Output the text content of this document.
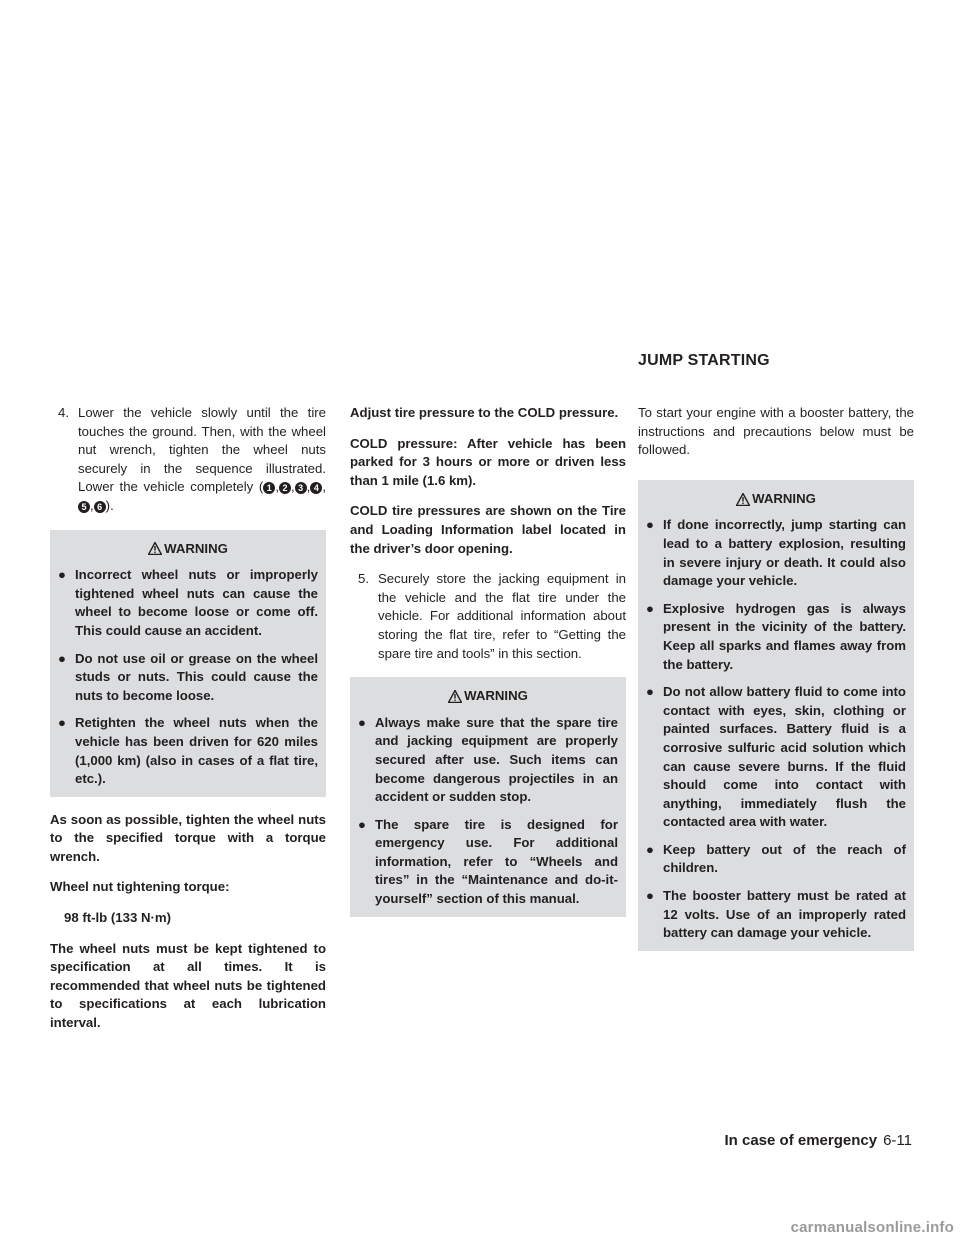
JUMP STARTING

4. Lower the vehicle slowly until the tire touches the ground. Then, with the wheel nut wrench, tighten the wheel nuts securely in the sequence illustrated. Lower the vehicle completely ( 1 , 2 , 3 , 4 ,5 , 6 ).

WARNING
● Incorrect wheel nuts or improperly tightened wheel nuts can cause the wheel to become loose or come off. This could cause an accident.
● Do not use oil or grease on the wheel studs or nuts. This could cause the nuts to become loose.
● Retighten the wheel nuts when the vehicle has been driven for 620 miles (1,000 km) (also in cases of a flat tire, etc.).

As soon as possible, tighten the wheel nuts to the specified torque with a torque wrench.

Wheel nut tightening torque:

98 ft-lb (133 N·m)

The wheel nuts must be kept tightened to specification at all times. It is recommended that wheel nuts be tightened to specifications at each lubrication interval.

Adjust tire pressure to the COLD pressure.

COLD pressure: After vehicle has been parked for 3 hours or more or driven less than 1 mile (1.6 km).

COLD tire pressures are shown on the Tire and Loading Information label located in the driver’s door opening.

5. Securely store the jacking equipment in the vehicle and the flat tire under the vehicle. For additional information about storing the flat tire, refer to “Getting the spare tire and tools” in this section.

WARNING
● Always make sure that the spare tire and jacking equipment are properly secured after use. Such items can become dangerous projectiles in an accident or sudden stop.
● The spare tire is designed for emergency use. For additional information, refer to “Wheels and tires” in the “Maintenance and do-it-yourself” section of this manual.

To start your engine with a booster battery, the instructions and precautions below must be followed.

WARNING
● If done incorrectly, jump starting can lead to a battery explosion, resulting in severe injury or death. It could also damage your vehicle.
● Explosive hydrogen gas is always present in the vicinity of the battery. Keep all sparks and flames away from the battery.
● Do not allow battery fluid to come into contact with eyes, skin, clothing or painted surfaces. Battery fluid is a corrosive sulfuric acid solution which can cause severe burns. If the fluid should come into contact with anything, immediately flush the contacted area with water.
● Keep battery out of the reach of children.
● The booster battery must be rated at 12 volts. Use of an improperly rated battery can damage your vehicle.
In case of emergency 6-11
carmanualsonline.info
